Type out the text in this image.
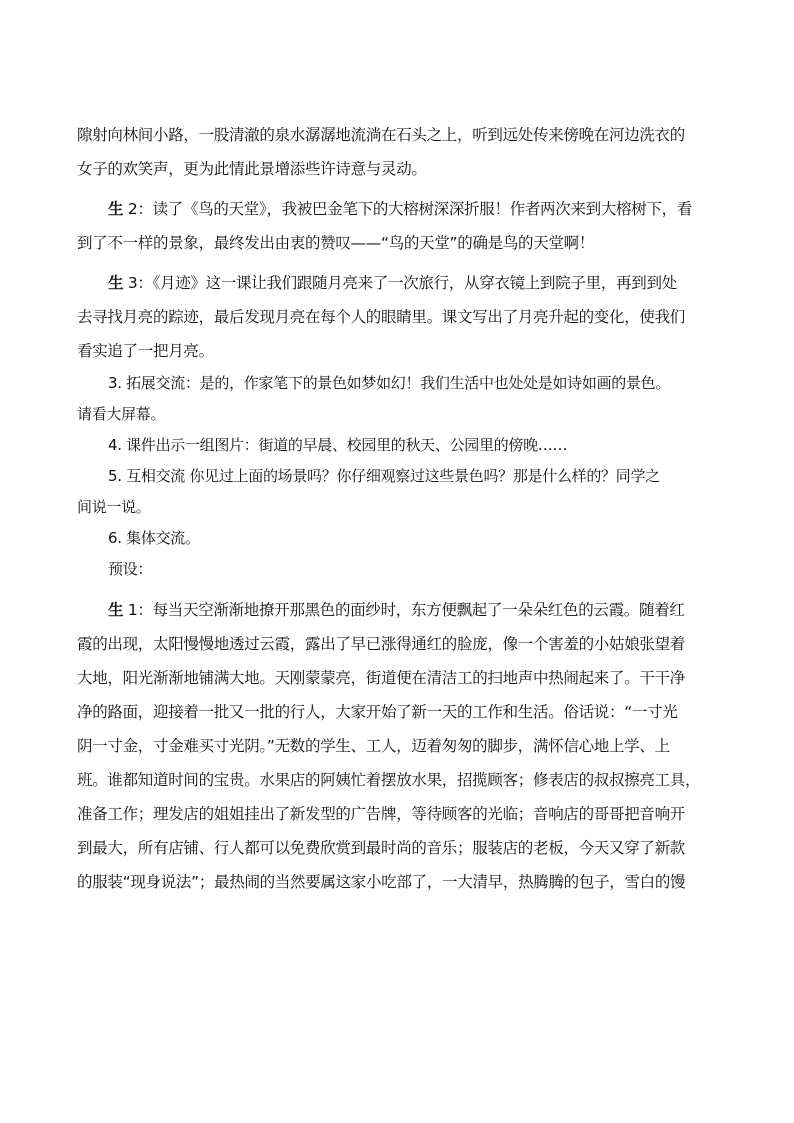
隙射向林间小路，一股清澈的泉水潺潺地流淌在石头之上，听到远处传来傍晚在河边洗衣的
女子的欢笑声，更为此情此景增添些许诗意与灵动。
生 2：读了《鸟的天堂》，我被巴金笔下的大榕树深深折服！作者两次来到大榕树下，看
到了不一样的景象，最终发出由衷的赞叹——“鸟的天堂”的确是鸟的天堂啊！
生 3：《月迹》这一课让我们跟随月亮来了一次旅行，从穿衣镜上到院子里，再到到处
去寻找月亮的踪迹，最后发现月亮在每个人的眼睛里。课文写出了月亮升起的变化，使我们
看实追了一把月亮。
3. 拓展交流：是的，作家笔下的景色如梦如幻！我们生活中也处处是如诗如画的景色。
请看大屏幕。
4. 课件出示一组图片：街道的早晨、校园里的秋天、公园里的傍晚……
5. 互相交流 你见过上面的场景吗？你仔细观察过这些景色吗？那是什么样的？同学之
间说一说。
6. 集体交流。
预设：
生 1：每当天空渐渐地撩开那黑色的面纱时，东方便飘起了一朵朵红色的云霞。随着红
霞的出现，太阳慢慢地透过云霞，露出了早已涨得通红的脸庞，像一个害羞的小姑娘张望着
大地，阳光渐渐地铺满大地。天刚蒙蒙亮，街道便在清洁工的扫地声中热闹起来了。干干净
净的路面，迎接着一批又一批的行人，大家开始了新一天的工作和生活。俗话说：“一寸光
阴一寸金，寸金难买寸光阴。”无数的学生、工人，迈着匆匆的脚步，满怀信心地上学、上
班。谁都知道时间的宝贵。水果店的阿姨忙着摆放水果，招揽顾客；修表店的叔叔擦亮工具，
准备工作；理发店的姐姐挂出了新发型的广告牌，等待顾客的光临；音响店的哥哥把音响开
到最大，所有店铺、行人都可以免费欣赏到最时尚的音乐；服装店的老板，今天又穿了新款
的服装“现身说法”；最热闹的当然要属这家小吃部了，一大清早，热腾腾的包子，雪白的馒
